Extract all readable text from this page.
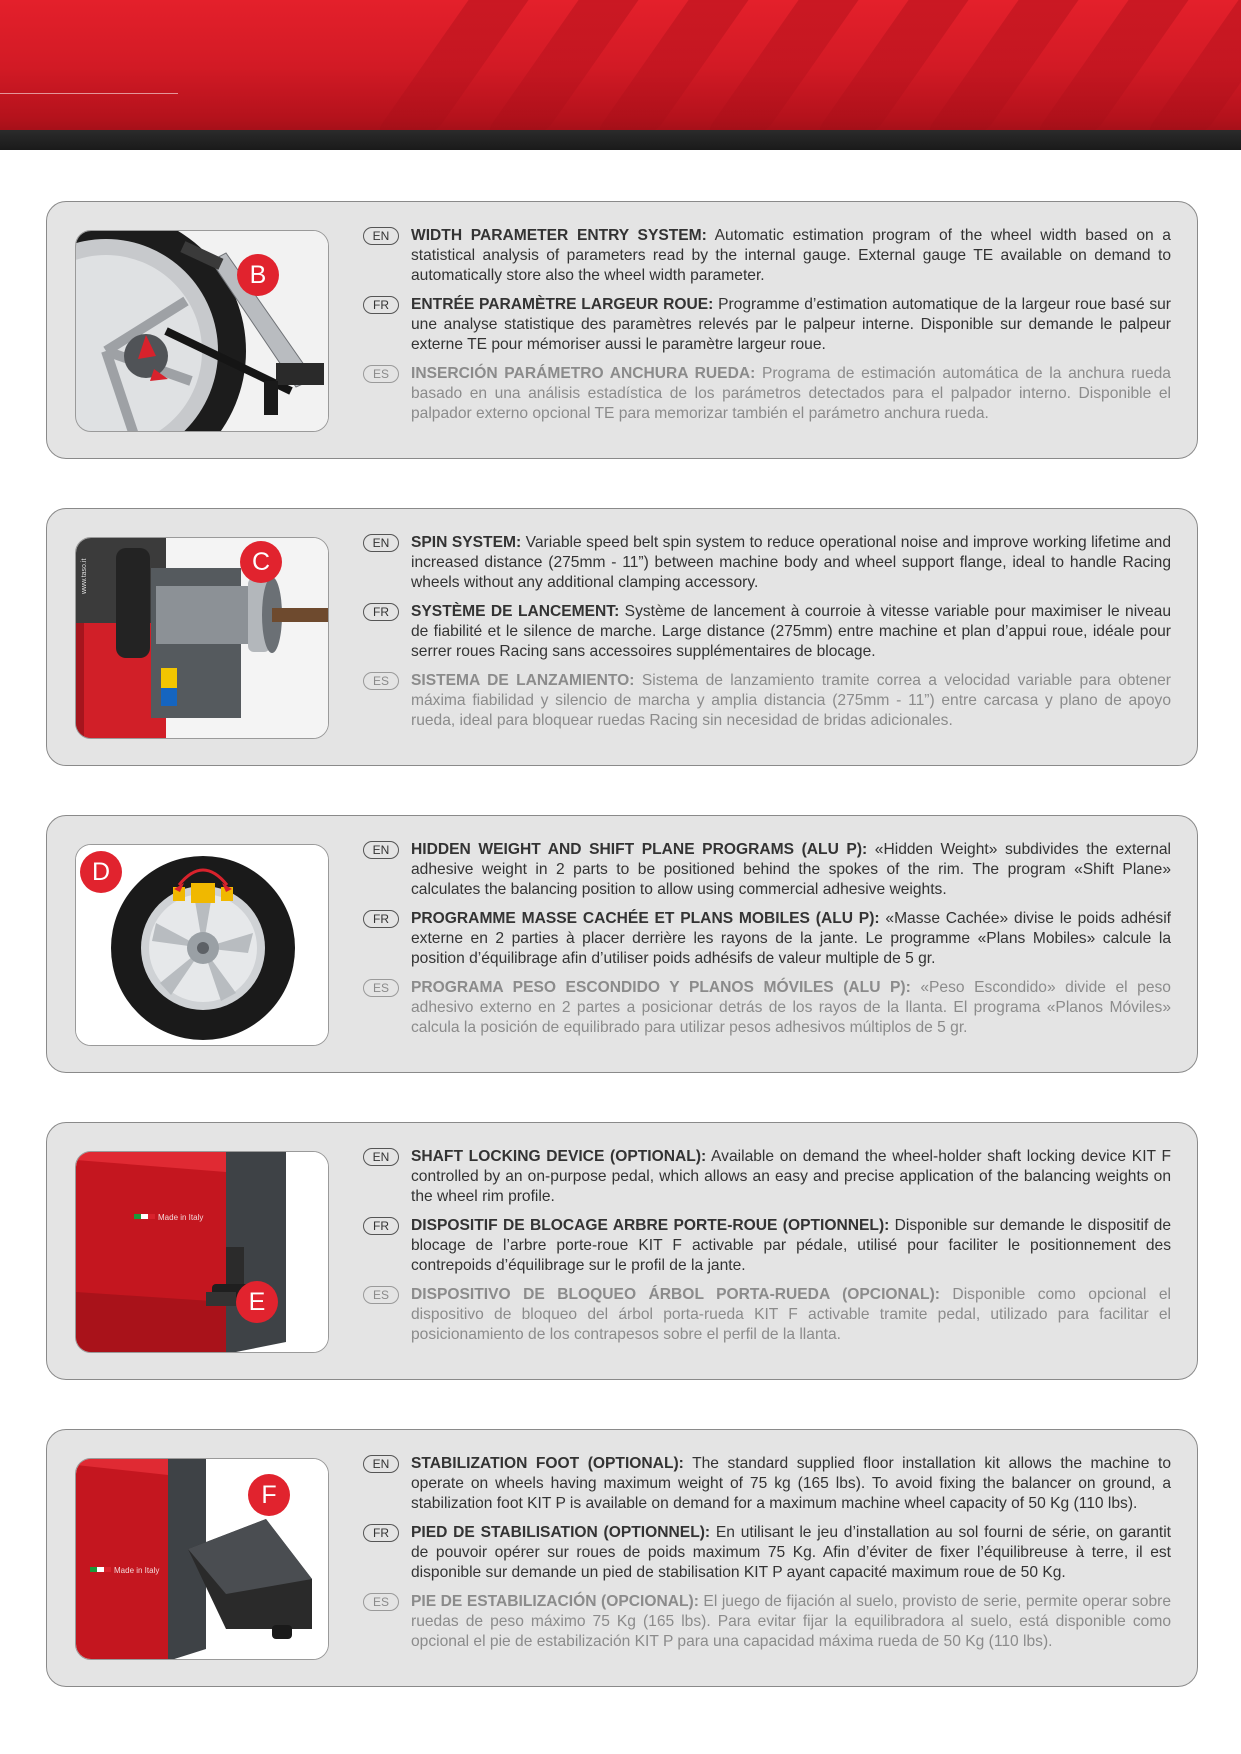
B
EN	WIDTH PARAMETER ENTRY SYSTEM: Automatic estimation program of the wheel width based on a statistical analysis of parameters read by the internal gauge. External gauge TE available on demand to automatically store also the wheel width parameter.

FR	ENTRÉE PARAMÈTRE LARGEUR ROUE: Programme d’estimation automatique de la largeur roue basé sur une analyse statistique des paramètres relevés par le palpeur interne. Disponible sur demande le palpeur externe TE pour mémoriser aussi le paramètre largeur roue.

ES	INSERCIÓN PARÁMETRO ANCHURA RUEDA: Programa de estimación automática de la anchura rueda basado en una análisis estadística de los parámetros detectados para el palpador interno. Disponible el palpador externo opcional TE para memorizar también el parámetro anchura rueda.

www.taso.it	C
EN	SPIN SYSTEM: Variable speed belt spin system to reduce operational noise and improve working lifetime and increased distance (275mm - 11”) between machine body and wheel support flange, ideal to handle Racing wheels without any additional clamping accessory.

FR	SYSTÈME DE LANCEMENT: Système de lancement à courroie à vitesse variable pour maximiser le niveau de fiabilité et le silence de marche. Large distance (275mm) entre machine et plan d’appui roue, idéale pour serrer roues Racing sans accessoires supplémentaires de blocage.

ES	SISTEMA DE LANZAMIENTO: Sistema de lanzamiento tramite correa a velocidad variable para obtener máxima fiabilidad y silencio de marcha y amplia distancia (275mm - 11”) entre carcasa y plano de apoyo rueda, ideal para bloquear ruedas Racing sin necesidad de bridas adicionales.

D
EN	HIDDEN WEIGHT AND SHIFT PLANE PROGRAMS (ALU P): «Hidden Weight» subdivides the external adhesive weight in 2 parts to be positioned behind the spokes of the rim. The program «Shift Plane» calculates the balancing position to allow using commercial adhesive weights.

FR	PROGRAMME MASSE CACHÉE ET PLANS MOBILES (ALU P): «Masse Cachée» divise le poids adhésif externe en 2 parties à placer derrière les rayons de la jante. Le programme «Plans Mobiles» calcule la position d’équilibrage afin d’utiliser poids adhésifs de valeur multiple de 5 gr.

ES	PROGRAMA PESO ESCONDIDO Y PLANOS MÓVILES (ALU P): «Peso Escondido» divide el peso adhesivo externo en 2 partes a posicionar detrás de los rayos de la llanta. El programa «Planos Móviles» calcula la posición de equilibrado para utilizar pesos adhesivos múltiplos de 5 gr.

Made in Italy
E
EN	SHAFT LOCKING DEVICE (OPTIONAL): Available on demand the wheel-holder shaft locking device KIT F controlled by an on-purpose pedal, which allows an easy and precise application of the balancing weights on the wheel rim profile.

FR	DISPOSITIF DE BLOCAGE ARBRE PORTE-ROUE (OPTIONNEL): Disponible sur demande le dispositif de blocage de l’arbre porte-roue KIT F activable par pédale, utilisé pour faciliter le positionnement des contrepoids d’équilibrage sur le profil de la jante.

ES	DISPOSITIVO DE BLOQUEO ÁRBOL PORTA-RUEDA (OPCIONAL): Disponible como opcional el dispositivo de bloqueo del árbol porta-rueda KIT F activable tramite pedal, utilizado para facilitar el posicionamiento de los contrapesos sobre el perfil de la llanta.

Made in Italy
F
EN	STABILIZATION FOOT (OPTIONAL): The standard supplied floor installation kit allows the machine to operate on wheels having maximum weight of 75 kg (165 lbs). To avoid fixing the balancer on ground, a stabilization foot KIT P is available on demand for a maximum machine wheel capacity of 50 Kg (110 lbs).

FR	PIED DE STABILISATION (OPTIONNEL): En utilisant le jeu d’installation au sol fourni de série, on garantit de pouvoir opérer sur roues de poids maximum 75 Kg. Afin d’éviter de fixer l’équilibreuse à terre, il est disponible sur demande un pied de stabilisation KIT P ayant capacité maximum roue de 50 Kg.

ES	PIE DE ESTABILIZACIÓN (OPCIONAL): El juego de fijación al suelo, provisto de serie, permite operar sobre ruedas de peso máximo 75 Kg (165 lbs). Para evitar fijar la equilibradora al suelo, está disponible como opcional el pie de estabilización KIT P para una capacidad máxima rueda de 50 Kg (110 lbs).
